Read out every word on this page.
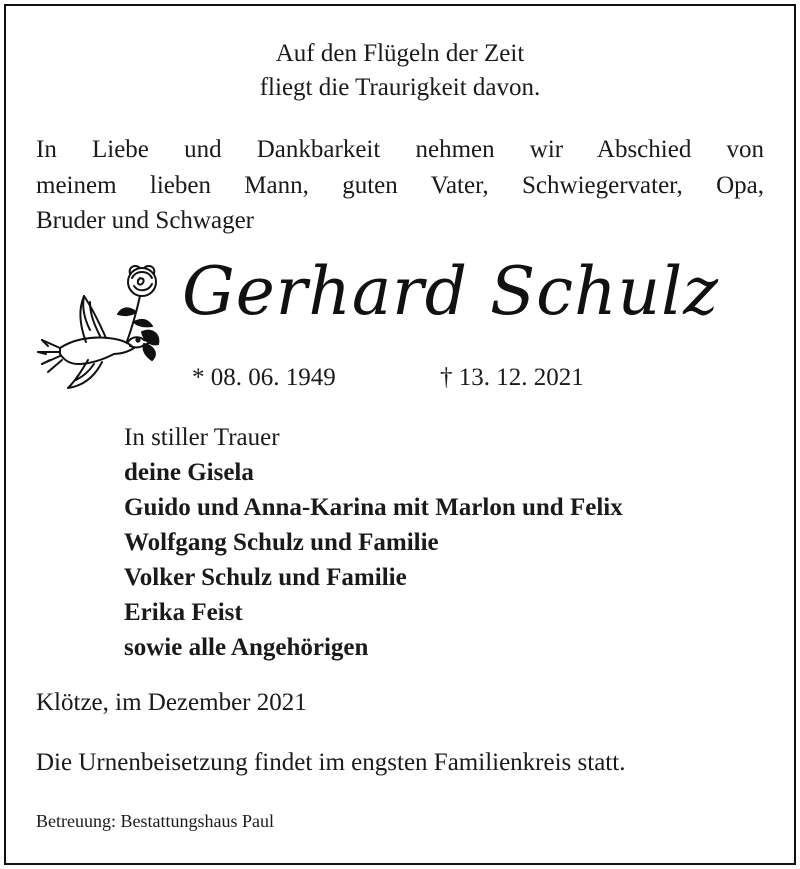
Auf den Flügeln der Zeit
fliegt die Traurigkeit davon.
In Liebe und Dankbarkeit nehmen wir Abschied von
meinem lieben Mann, guten Vater, Schwiegervater, Opa,
Bruder und Schwager
Gerhard Schulz
* 08. 06. 1949	† 13. 12. 2021
In stiller Trauer
deine Gisela
Guido und Anna-Karina mit Marlon und Felix
Wolfgang Schulz und Familie
Volker Schulz und Familie
Erika Feist
sowie alle Angehörigen
Klötze, im Dezember 2021
Die Urnenbeisetzung findet im engsten Familienkreis statt.
Betreuung: Bestattungshaus Paul
